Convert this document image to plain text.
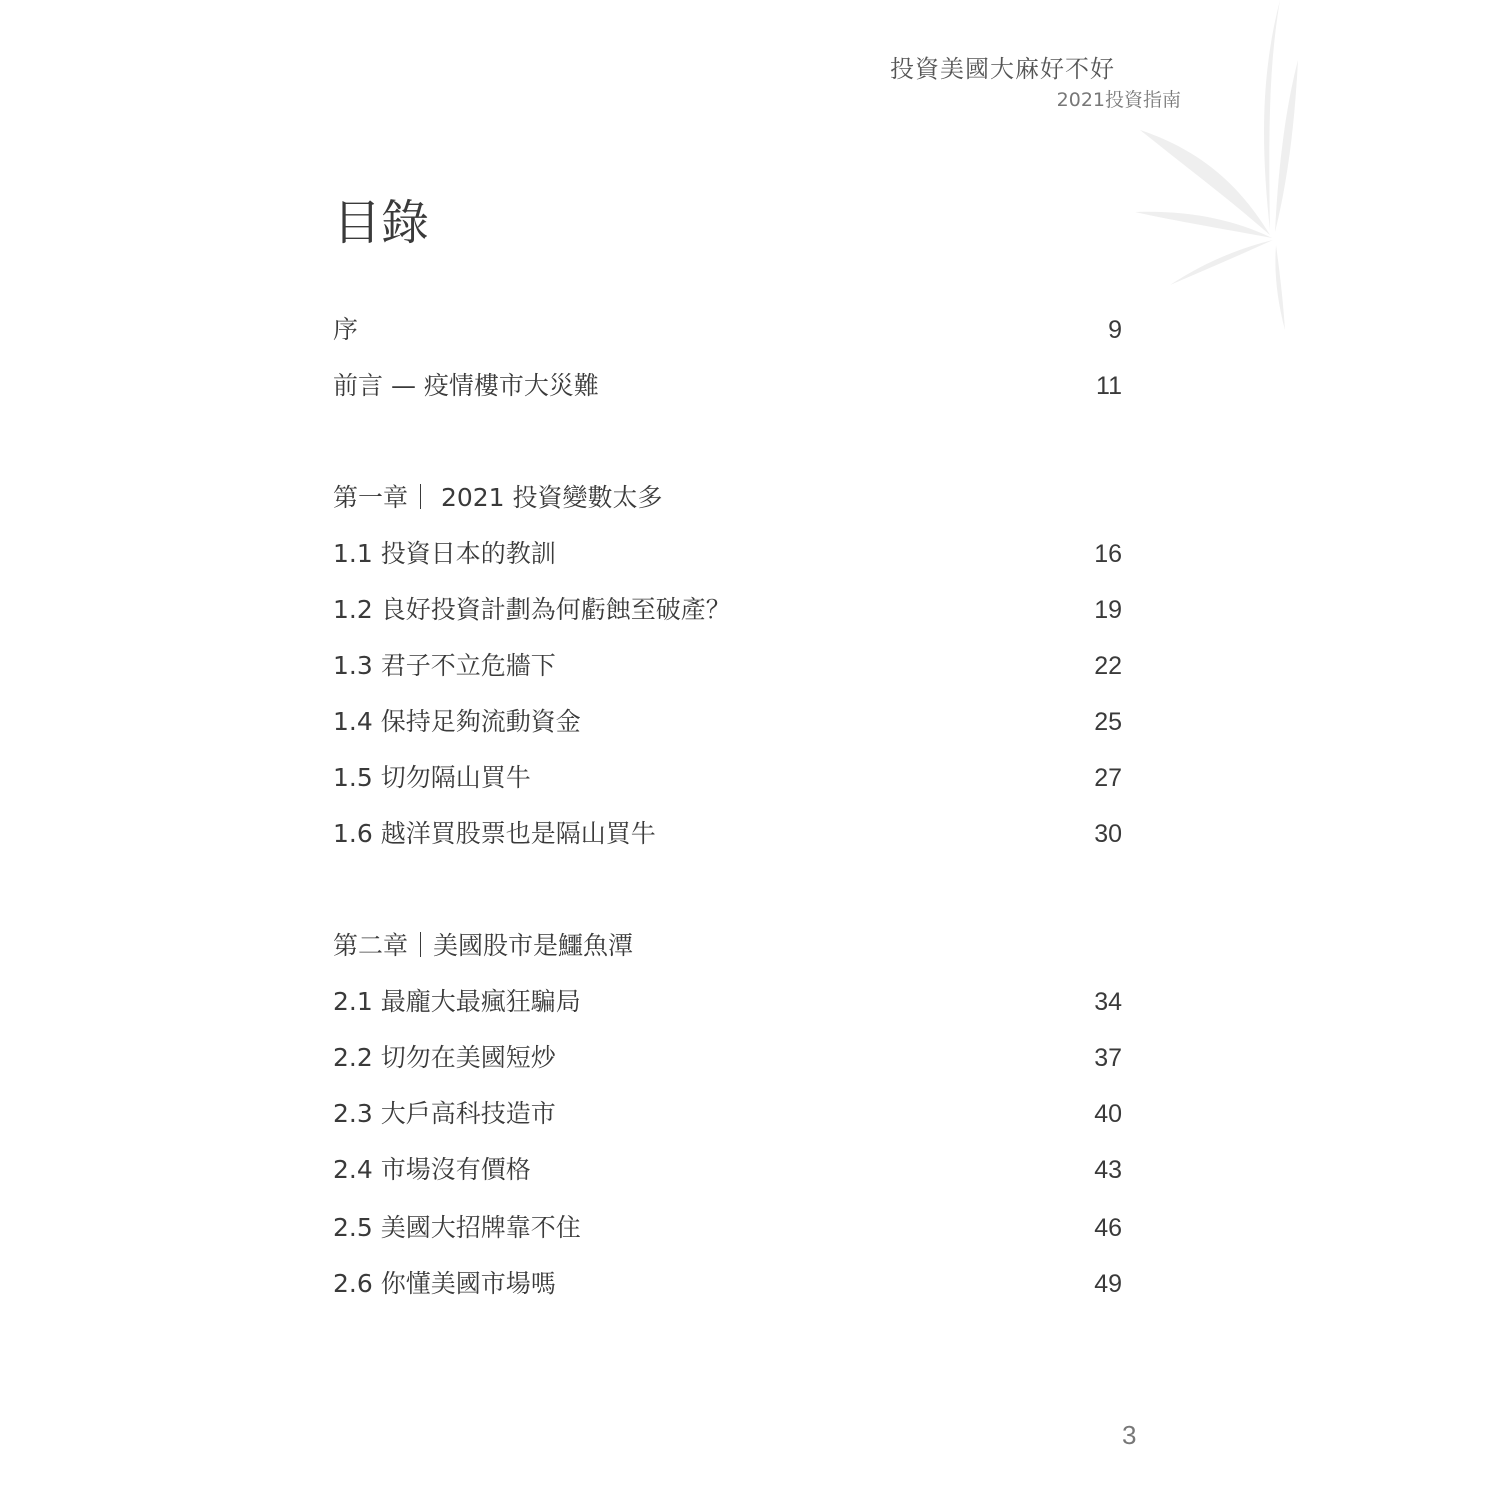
投資美國大麻好不好
2021投資指南
目錄
序	9
前言 — 疫情樓市大災難	11
第一章｜ 2021 投資變數太多
1.1 投資日本的教訓	16
1.2 良好投資計劃為何虧蝕至破產？	19
1.3 君子不立危牆下	22
1.4 保持足夠流動資金	25
1.5 切勿隔山買牛	27
1.6 越洋買股票也是隔山買牛	30
第二章｜美國股市是鱷魚潭
2.1 最龐大最瘋狂騙局	34
2.2 切勿在美國短炒	37
2.3 大戶高科技造市	40
2.4 市場沒有價格	43
2.5 美國大招牌靠不住	46
2.6 你懂美國市場嗎	49
3
